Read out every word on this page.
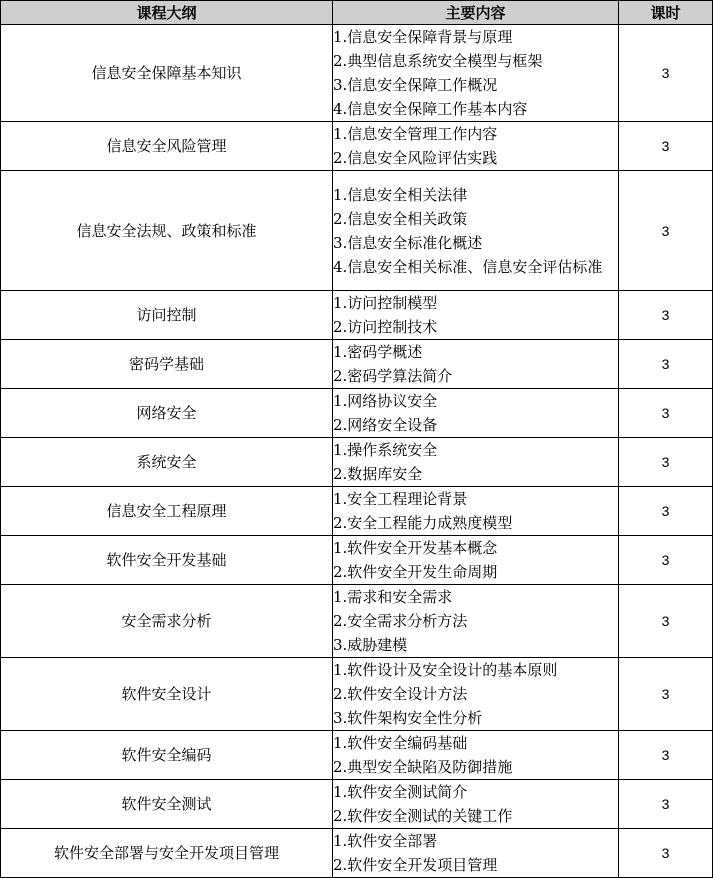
课程大纲	主要内容	课时
信息安全保障基本知识	1.信息安全保障背景与原理
2.典型信息系统安全模型与框架
3.信息安全保障工作概况
4.信息安全保障工作基本内容	3
信息安全风险管理	1.信息安全管理工作内容
2.信息安全风险评估实践	3
信息安全法规、政策和标准	1.信息安全相关法律
2.信息安全相关政策
3.信息安全标准化概述
4.信息安全相关标准、信息安全评估标准	3
访问控制	1.访问控制模型
2.访问控制技术	3
密码学基础	1.密码学概述
2.密码学算法简介	3
网络安全	1.网络协议安全
2.网络安全设备	3
系统安全	1.操作系统安全
2.数据库安全	3
信息安全工程原理	1.安全工程理论背景
2.安全工程能力成熟度模型	3
软件安全开发基础	1.软件安全开发基本概念
2.软件安全开发生命周期	3
安全需求分析	1.需求和安全需求
2.安全需求分析方法
3.威胁建模	3
软件安全设计	1.软件设计及安全设计的基本原则
2.软件安全设计方法
3.软件架构安全性分析	3
软件安全编码	1.软件安全编码基础
2.典型安全缺陷及防御措施	3
软件安全测试	1.软件安全测试简介
2.软件安全测试的关键工作	3
软件安全部署与安全开发项目管理	1.软件安全部署
2.软件安全开发项目管理	3
